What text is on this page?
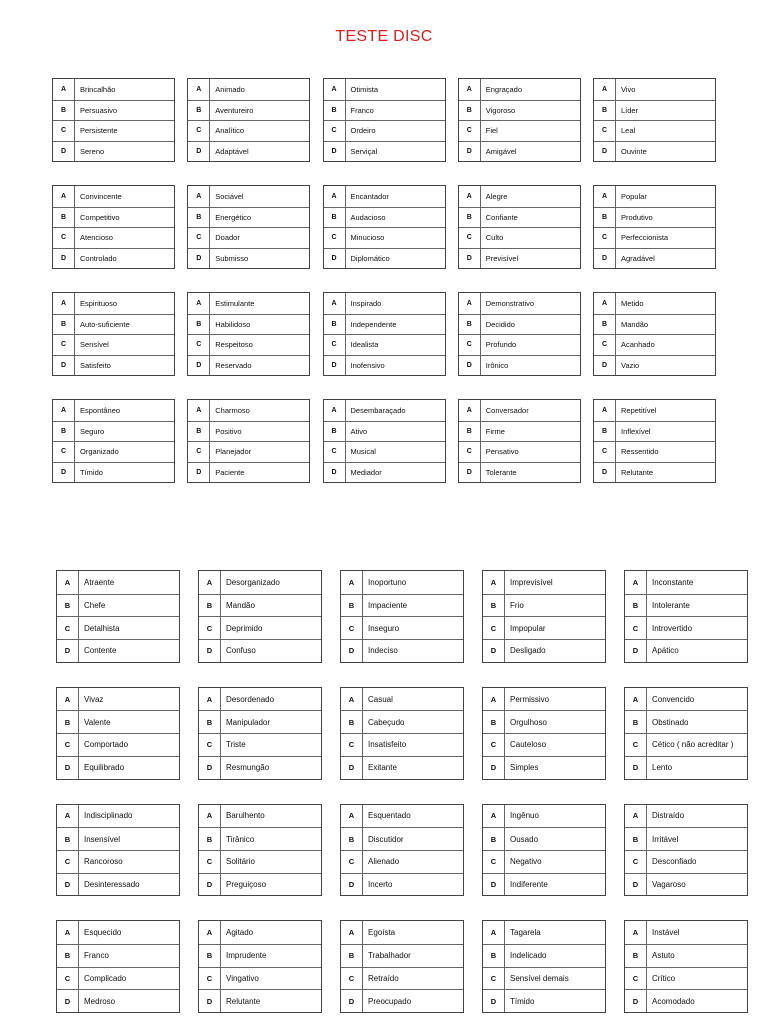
TESTE DISC
A	Brincalhão
B	Persuasivo
C	Persistente
D	Sereno
A	Animado
B	Aventureiro
C	Analítico
D	Adaptável
A	Otimista
B	Franco
C	Ordeiro
D	Serviçal
A	Engraçado
B	Vigoroso
C	Fiel
D	Amigável
A	Vivo
B	Líder
C	Leal
D	Ouvinte
A	Convincente
B	Competitivo
C	Atencioso
D	Controlado
A	Sociável
B	Energético
C	Doador
D	Submisso
A	Encantador
B	Audacioso
C	Minucioso
D	Diplomático
A	Alegre
B	Confiante
C	Culto
D	Previsível
A	Popular
B	Produtivo
C	Perfeccionista
D	Agradável
A	Espirituoso
B	Auto-suficiente
C	Sensível
D	Satisfeito
A	Estimulante
B	Habilidoso
C	Respeitoso
D	Reservado
A	Inspirado
B	Independente
C	Idealista
D	Inofensivo
A	Demonstrativo
B	Decidido
C	Profundo
D	Irônico
A	Metido
B	Mandão
C	Acanhado
D	Vazio
A	Espontâneo
B	Seguro
C	Organizado
D	Tímido
A	Charmoso
B	Positivo
C	Planejador
D	Paciente
A	Desembaraçado
B	Ativo
C	Musical
D	Mediador
A	Conversador
B	Firme
C	Pensativo
D	Tolerante
A	Repetitível
B	Inflexível
C	Ressentido
D	Relutante
A	Atraente
B	Chefe
C	Detalhista
D	Contente
A	Desorganizado
B	Mandão
C	Deprimido
D	Confuso
A	Inoportuno
B	Impaciente
C	Inseguro
D	Indeciso
A	Imprevisível
B	Frio
C	Impopular
D	Desligado
A	Inconstante
B	Intolerante
C	Introvertido
D	Apático
A	Vivaz
B	Valente
C	Comportado
D	Equilibrado
A	Desordenado
B	Manipulador
C	Triste
D	Resmungão
A	Casual
B	Cabeçudo
C	Insatisfeito
D	Exitante
A	Permissivo
B	Orgulhoso
C	Cauteloso
D	Simples
A	Convencido
B	Obstinado
C	Cético ( não acreditar )
D	Lento
A	Indisciplinado
B	Insensível
C	Rancoroso
D	Desinteressado
A	Barulhento
B	Tirânico
C	Solitário
D	Preguiçoso
A	Esquentado
B	Discutidor
C	Alienado
D	Incerto
A	Ingênuo
B	Ousado
C	Negativo
D	Indiferente
A	Distraído
B	Irritável
C	Desconfiado
D	Vagaroso
A	Esquecido
B	Franco
C	Complicado
D	Medroso
A	Agitado
B	Imprudente
C	Vingativo
D	Relutante
A	Egoísta
B	Trabalhador
C	Retraído
D	Preocupado
A	Tagarela
B	Indelicado
C	Sensível demais
D	Tímido
A	Instável
B	Astuto
C	Crítico
D	Acomodado
